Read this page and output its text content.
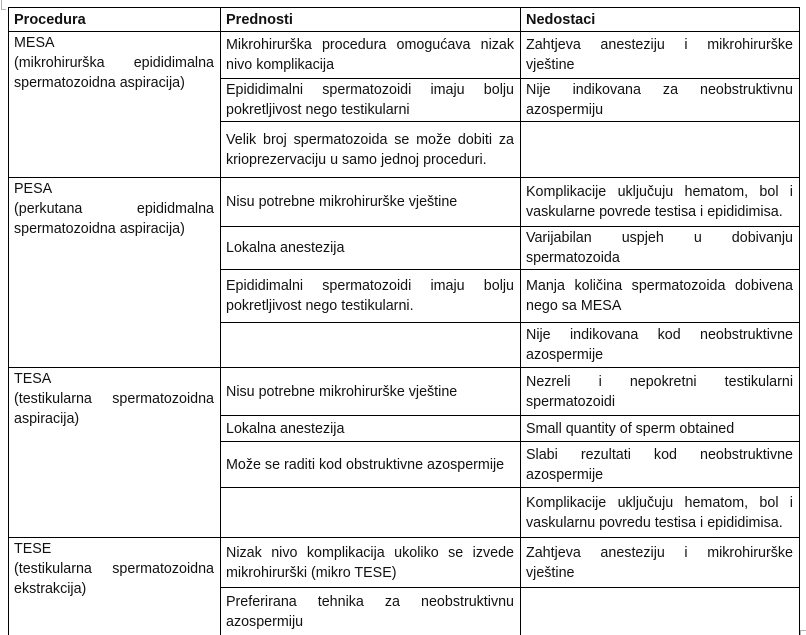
Procedura	Prednosti	Nedostaci

MESA
(mikrohirurška epididimalna spermatozoidna aspiracija)	Mikrohirurška procedura omogućava nizak nivo komplikacija	Zahtjeva anesteziju i mikrohirurške vještine
	Epididimalni spermatozoidi imaju bolju pokretljivost nego testikularni	Nije indikovana za neobstruktivnu azospermiju
	Velik broj spermatozoida se može dobiti za krioprezervaciju u samo jednoj proceduri.	

PESA
(perkutana epididmalna spermatozoidna aspiracija)	Nisu potrebne mikrohirurške vještine	Komplikacije uključuju hematom, bol i vaskularne povrede testisa i epididimisa.
	Lokalna anestezija	Varijabilan uspjeh u dobivanju spermatozoida
	Epididimalni spermatozoidi imaju bolju pokretljivost nego testikularni.	Manja količina spermatozoida dobivena nego sa MESA
		Nije indikovana kod neobstruktivne azospermije

TESA
(testikularna spermatozoidna aspiracija)	Nisu potrebne mikrohirurške vještine	Nezreli i nepokretni testikularni spermatozoidi
	Lokalna anestezija	Small quantity of sperm obtained
	Može se raditi kod obstruktivne azospermije	Slabi rezultati kod neobstruktivne azospermije
		Komplikacije uključuju hematom, bol i vaskularnu povredu testisa i epididimisa.

TESE
(testikularna spermatozoidna ekstrakcija)	Nizak nivo komplikacija ukoliko se izvede mikrohirurški (mikro TESE)	Zahtjeva anesteziju i mikrohirurške vještine
	Preferirana tehnika za neobstruktivnu azospermiju	
